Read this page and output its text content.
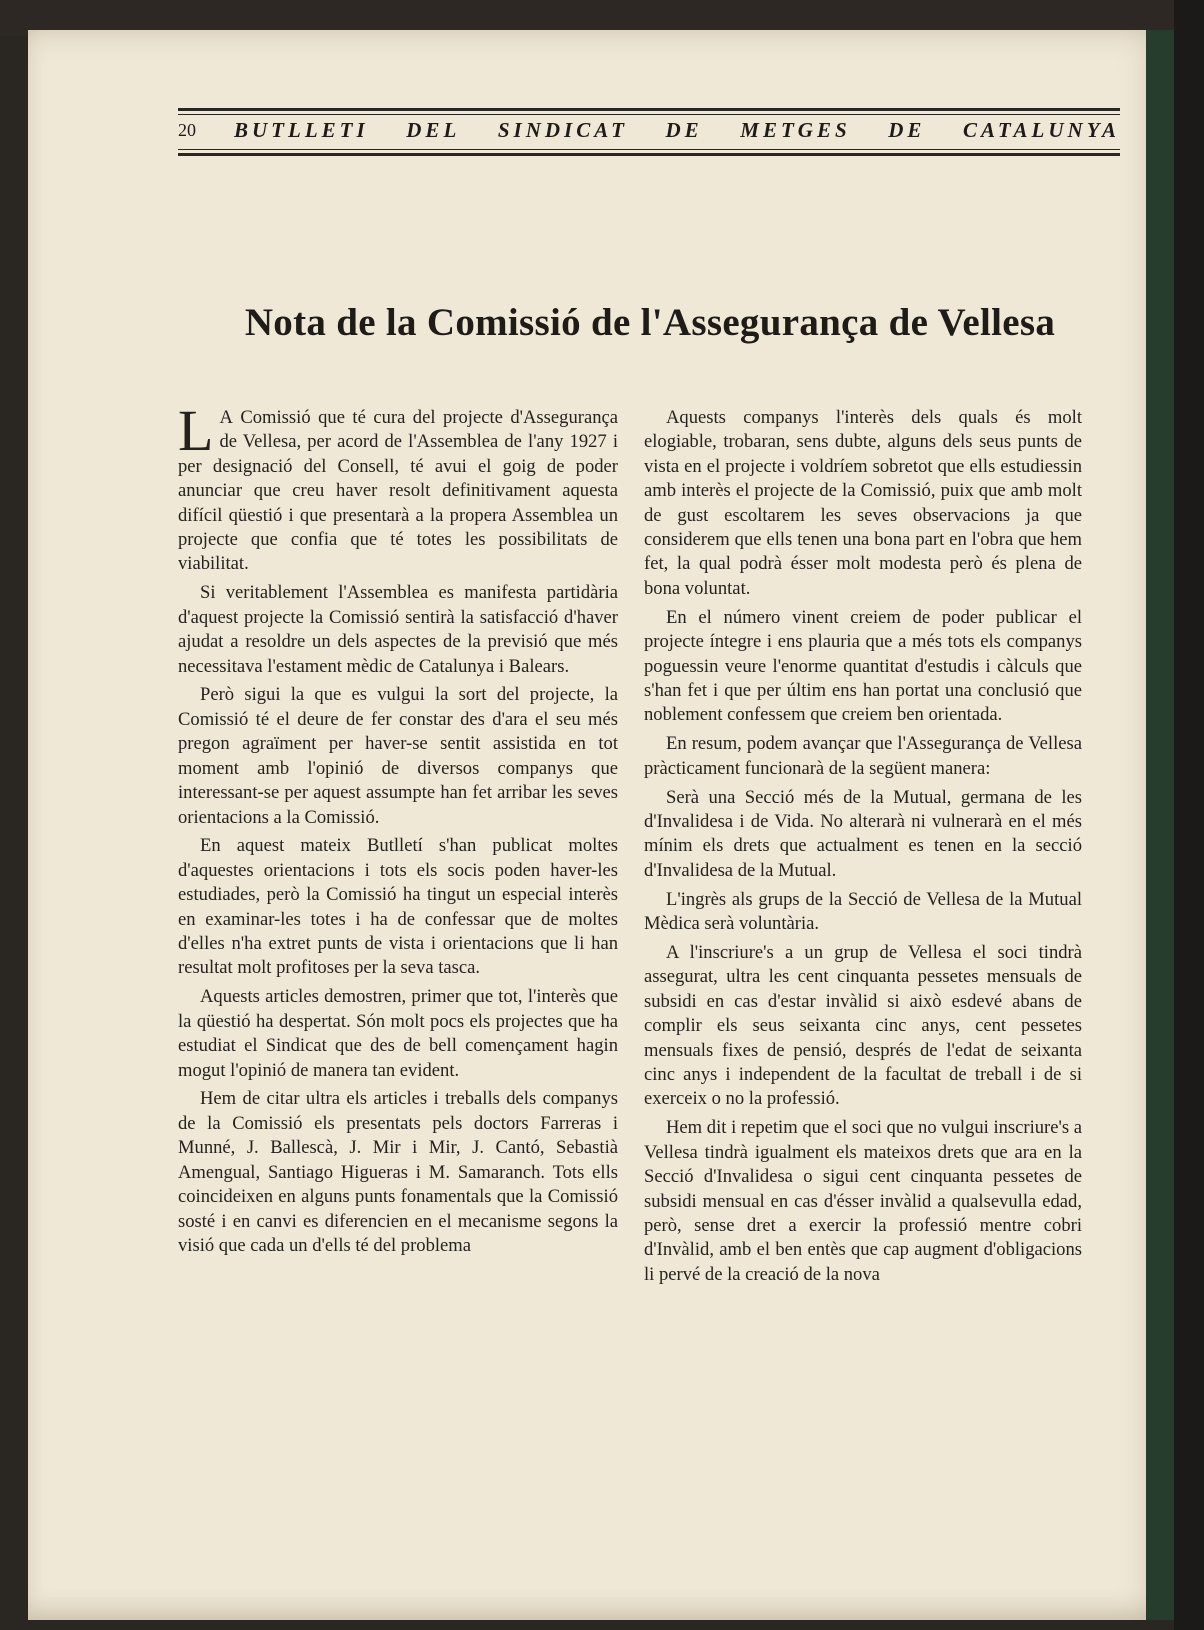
20 BUTLLETI DEL SINDICAT DE METGES DE CATALUNYA
Nota de la Comissió de l'Assegurança de Vellesa

L A Comissió que té cura del projecte d'Assegurança de Vellesa, per acord de l'Assemblea de l'any 1927 i per designació del Consell, té avui el goig de poder anunciar que creu haver resolt definitivament aquesta difícil qüestió i que presentarà a la propera Assemblea un projecte que confia que té totes les possibilitats de viabilitat.

Si veritablement l'Assemblea es manifesta partidària d'aquest projecte la Comissió sentirà la satisfacció d'haver ajudat a resoldre un dels aspectes de la previsió que més necessitava l'estament mèdic de Catalunya i Balears.

Però sigui la que es vulgui la sort del projecte, la Comissió té el deure de fer constar des d'ara el seu més pregon agraïment per haver-se sentit assistida en tot moment amb l'opinió de diversos companys que interessant-se per aquest assumpte han fet arribar les seves orientacions a la Comissió.

En aquest mateix Butlletí s'han publicat moltes d'aquestes orientacions i tots els socis poden haver-les estudiades, però la Comissió ha tingut un especial interès en examinar-les totes i ha de confessar que de moltes d'elles n'ha extret punts de vista i orientacions que li han resultat molt profitoses per la seva tasca.

Aquests articles demostren, primer que tot, l'interès que la qüestió ha despertat. Són molt pocs els projectes que ha estudiat el Sindicat que des de bell començament hagin mogut l'opinió de manera tan evident.

Hem de citar ultra els articles i treballs dels companys de la Comissió els presentats pels doctors Farreras i Munné, J. Ballescà, J. Mir i Mir, J. Cantó, Sebastià Amengual, Santiago Higueras i M. Samaranch. Tots ells coincideixen en alguns punts fonamentals que la Comissió sosté i en canvi es diferencien en el mecanisme segons la visió que cada un d'ells té del problema

Aquests companys l'interès dels quals és molt elogiable, trobaran, sens dubte, alguns dels seus punts de vista en el projecte i voldríem sobretot que ells estudiessin amb interès el projecte de la Comissió, puix que amb molt de gust escoltarem les seves observacions ja que considerem que ells tenen una bona part en l'obra que hem fet, la qual podrà ésser molt modesta però és plena de bona voluntat.

En el número vinent creiem de poder publicar el projecte íntegre i ens plauria que a més tots els companys poguessin veure l'enorme quantitat d'estudis i càlculs que s'han fet i que per últim ens han portat una conclusió que noblement confessem que creiem ben orientada.

En resum, podem avançar que l'Assegurança de Vellesa pràcticament funcionarà de la següent manera:

Serà una Secció més de la Mutual, germana de les d'Invalidesa i de Vida. No alterarà ni vulnerarà en el més mínim els drets que actualment es tenen en la secció d'Invalidesa de la Mutual.

L'ingrès als grups de la Secció de Vellesa de la Mutual Mèdica serà voluntària.

A l'inscriure's a un grup de Vellesa el soci tindrà assegurat, ultra les cent cinquanta pessetes mensuals de subsidi en cas d'estar invàlid si això esdevé abans de complir els seus seixanta cinc anys, cent pessetes mensuals fixes de pensió, després de l'edat de seixanta cinc anys i independent de la facultat de treball i de si exerceix o no la professió.

Hem dit i repetim que el soci que no vulgui inscriure's a Vellesa tindrà igualment els mateixos drets que ara en la Secció d'Invalidesa o sigui cent cinquanta pessetes de subsidi mensual en cas d'ésser invàlid a qualsevulla edad, però, sense dret a exercir la professió mentre cobri d'Invàlid, amb el ben entès que cap augment d'obligacions li pervé de la creació de la nova
